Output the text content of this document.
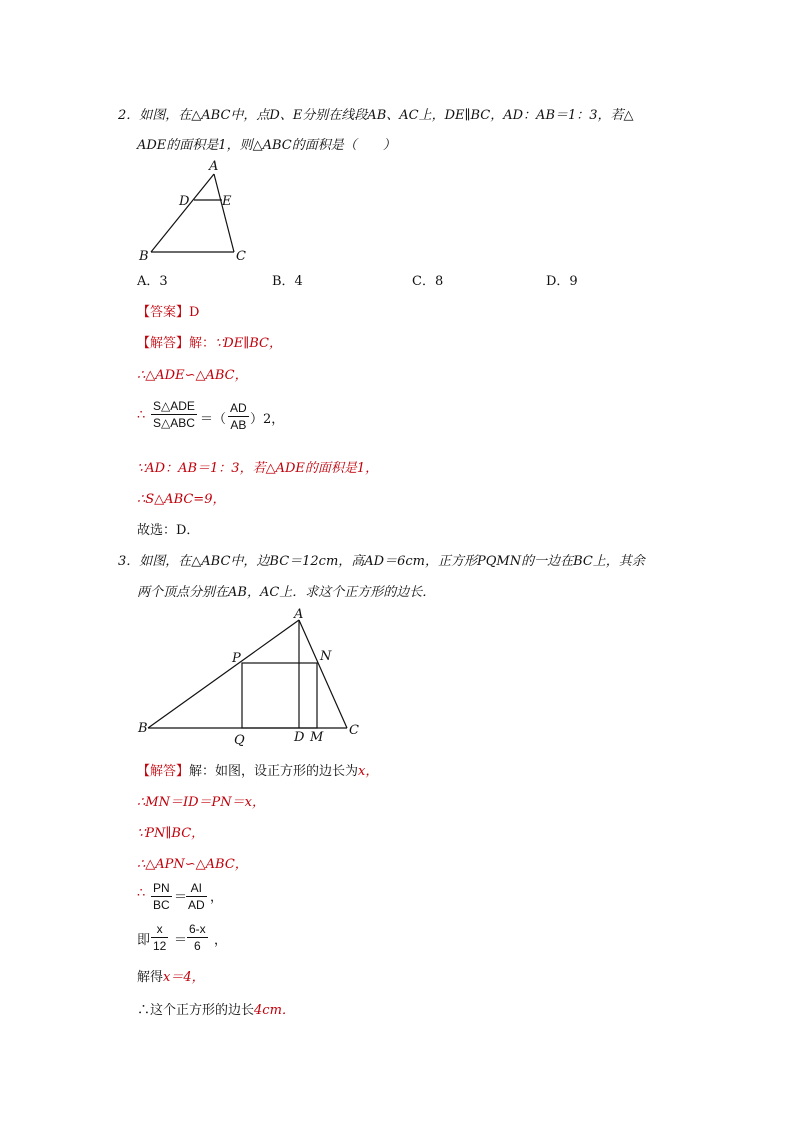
2．如图，在△ABC中，点D、E分别在线段AB、AC上，DE∥BC，AD：AB＝1：3，若△
ADE的面积是1，则△ABC的面积是（　　）
A
D	E
B	C
A．3	B．4	C．8	D．9
【答案】D
【解答】解：∵DE∥BC，
∴△ADE∽△ABC，
∴
S△ADE
S△ABC ＝（ $\frac{AD}{AB} )2$，
∵AD：AB＝1：3，若△ADE的面积是1，
∴S△ABC=9，
故选：D．
3．如图，在△ABC中，边BC＝12cm，高AD＝6cm，正方形PQMN的一边在BC上，其余
两个顶点分别在AB，AC上．求这个正方形的边长．
A
P	N
B	C
Q	D M
【解答】解：如图，设正方形的边长为x，
∴MN＝ID＝PN＝x，
∵PN∥BC，
∴△APN∽△ABC，
∴ $\frac{PN}{BC}$ ＝
$\frac{AI}{AD}$ ，
即 $\frac{x}{12} = \frac{6-x}{6}$ ，
解得x＝4，
∴这个正方形的边长4cm．
